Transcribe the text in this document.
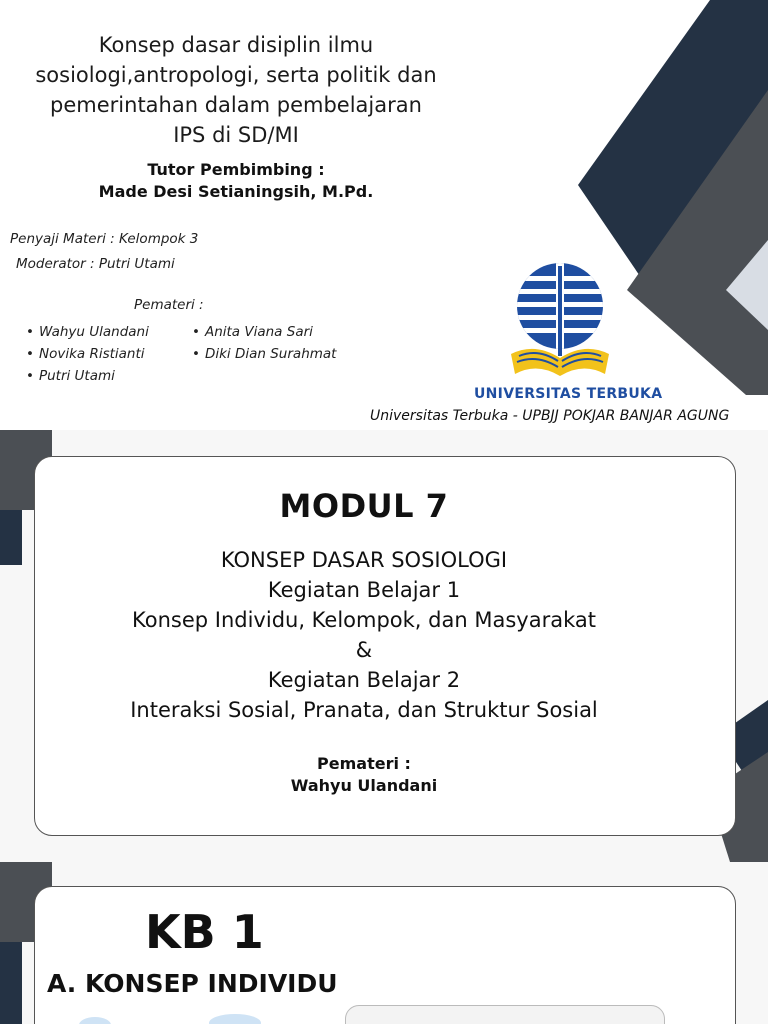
Konsep dasar disiplin ilmu
sosiologi,antropologi, serta politik dan
pemerintahan dalam pembelajaran
IPS di SD/MI
Tutor Pembimbing :
Made Desi Setianingsih, M.Pd.
Penyaji Materi : Kelompok 3
Moderator : Putri Utami
Pemateri :
• Wahyu Ulandani
• Novika Ristianti
• Putri Utami
• Anita Viana Sari
• Diki Dian Surahmat
UNIVERSITAS TERBUKA
Universitas Terbuka - UPBJJ POKJAR BANJAR AGUNG
MODUL 7
KONSEP DASAR SOSIOLOGI
Kegiatan Belajar 1
Konsep Individu, Kelompok, dan Masyarakat
&
Kegiatan Belajar 2
Interaksi Sosial, Pranata, dan Struktur Sosial
Pemateri :
Wahyu Ulandani
KB 1
A. KONSEP INDIVIDU
